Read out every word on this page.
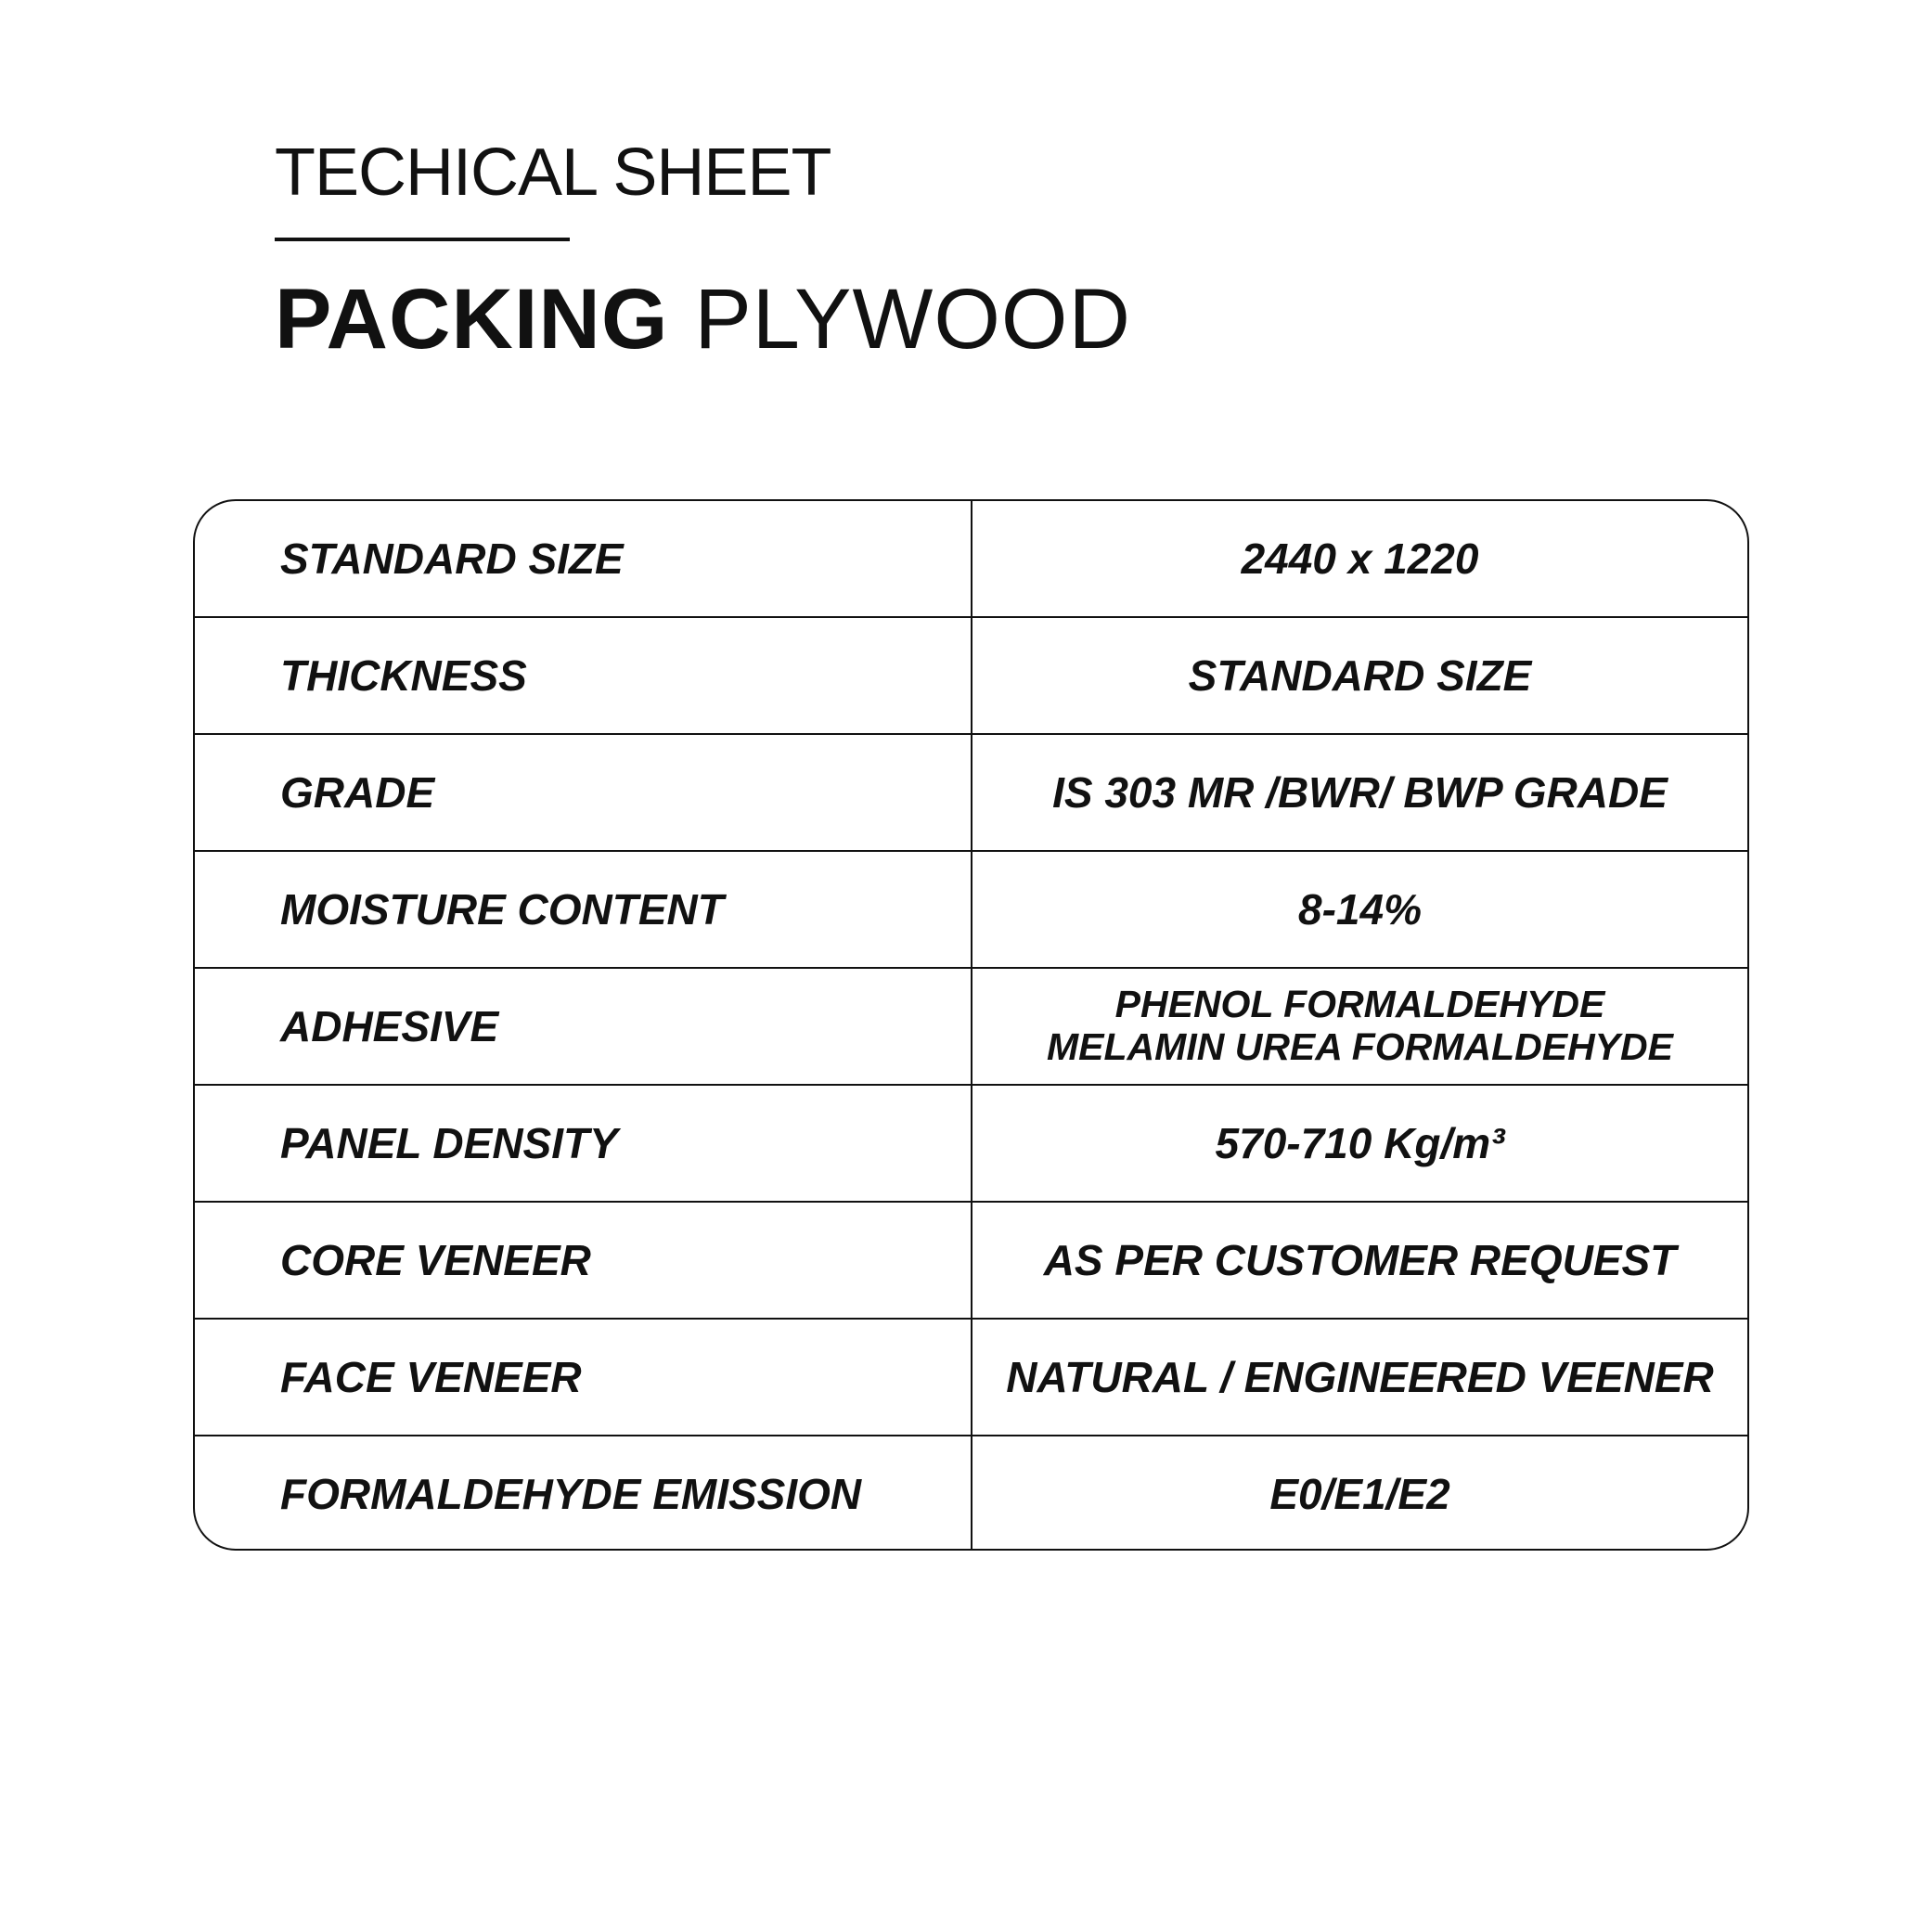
TECHICAL SHEET
PACKING PLYWOOD
STANDARD SIZE	2440 x 1220
THICKNESS	STANDARD SIZE
GRADE	IS 303 MR /BWR/ BWP GRADE
MOISTURE CONTENT	8-14%
ADHESIVE	PHENOL FORMALDEHYDE
MELAMIN UREA FORMALDEHYDE
PANEL DENSITY	570-710 Kg/m³
CORE VENEER	AS PER CUSTOMER REQUEST
FACE VENEER	NATURAL / ENGINEERED VEENER
FORMALDEHYDE EMISSION	E0/E1/E2
